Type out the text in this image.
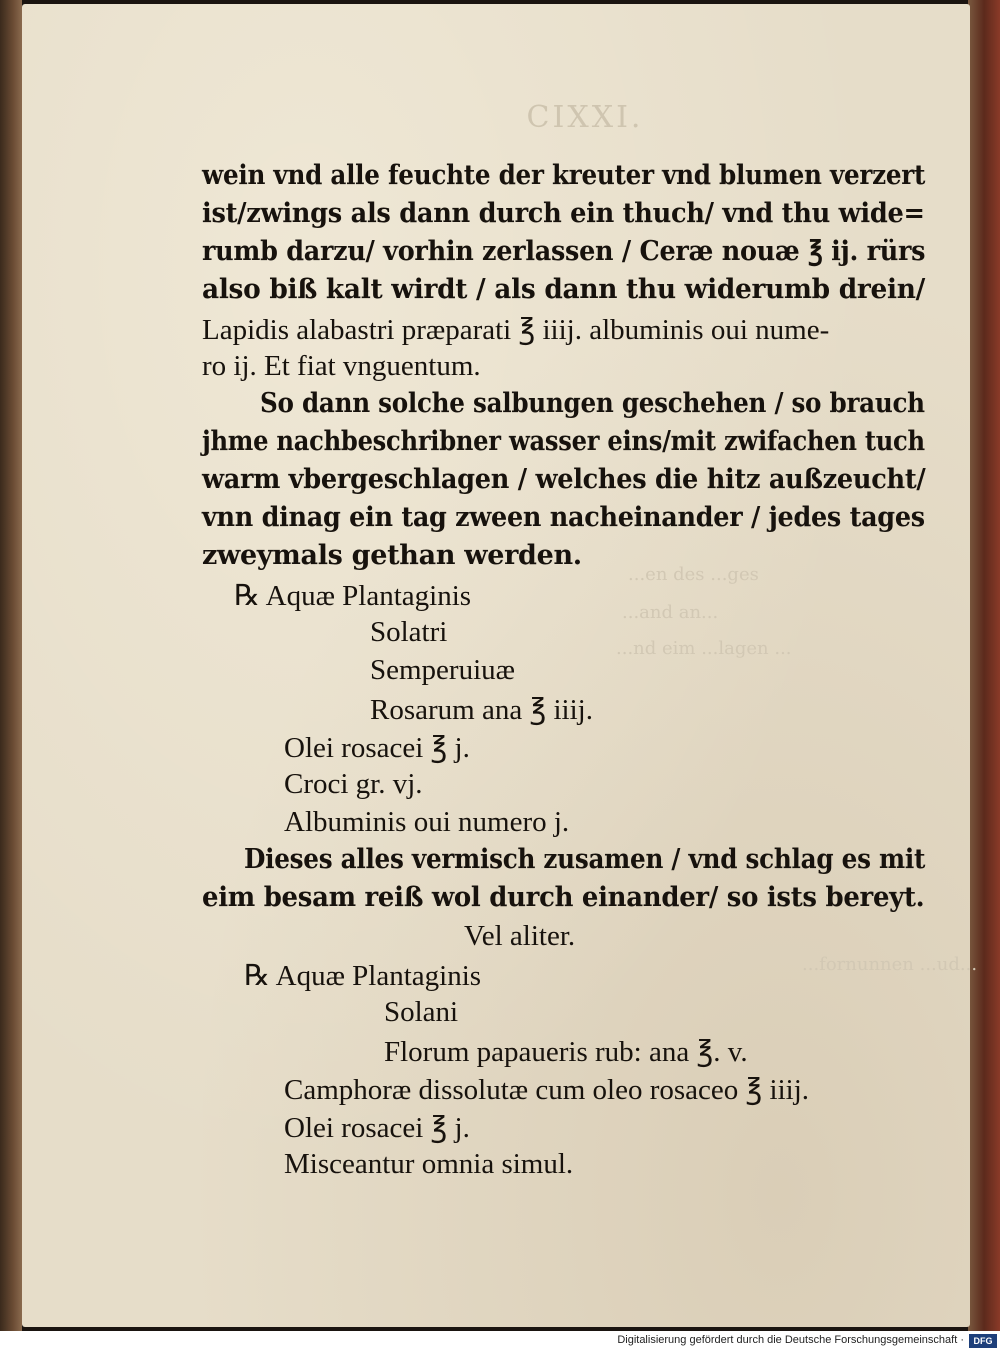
CIXXI.
...en des ...ges
...and an...
...nd eim ...lagen ...
...fornunnen ...ud...
wein vnd alle feuchte der kreuter vnd blumen verzert
ist/zwings als dann durch ein thuch/ vnd thu wide=
rumb darzu/ vorhin zerlassen / Ceræ nouæ ℥ ij. rürs
also biß kalt wirdt / als dann thu widerumb drein/
Lapidis alabastri præparati ℥ iiij. albuminis oui nume-
ro ij. Et fiat vnguentum.
So dann solche salbungen geschehen / so brauch
jhme nachbeschribner wasser eins/mit zwifachen tuch
warm vbergeschlagen / welches die hitz außzeucht/
vnn dinag ein tag zween nacheinander / jedes tages
zweymals gethan werden.
℞ Aquæ Plantaginis
Solatri
Semperuiuæ
Rosarum ana ℥ iiij.
Olei rosacei ℥ j.
Croci gr. vj.
Albuminis oui numero j.
Dieses alles vermisch zusamen / vnd schlag es mit
eim besam reiß wol durch einander/ so ists bereyt.
Vel aliter.
℞ Aquæ Plantaginis
Solani
Florum papaueris rub: ana ℥. v.
Camphoræ dissolutæ cum oleo rosaceo ℥ iiij.
Olei rosacei ℥ j.
Misceantur omnia simul.
Digitalisierung gefördert durch die Deutsche Forschungsgemeinschaft ·	DFG
